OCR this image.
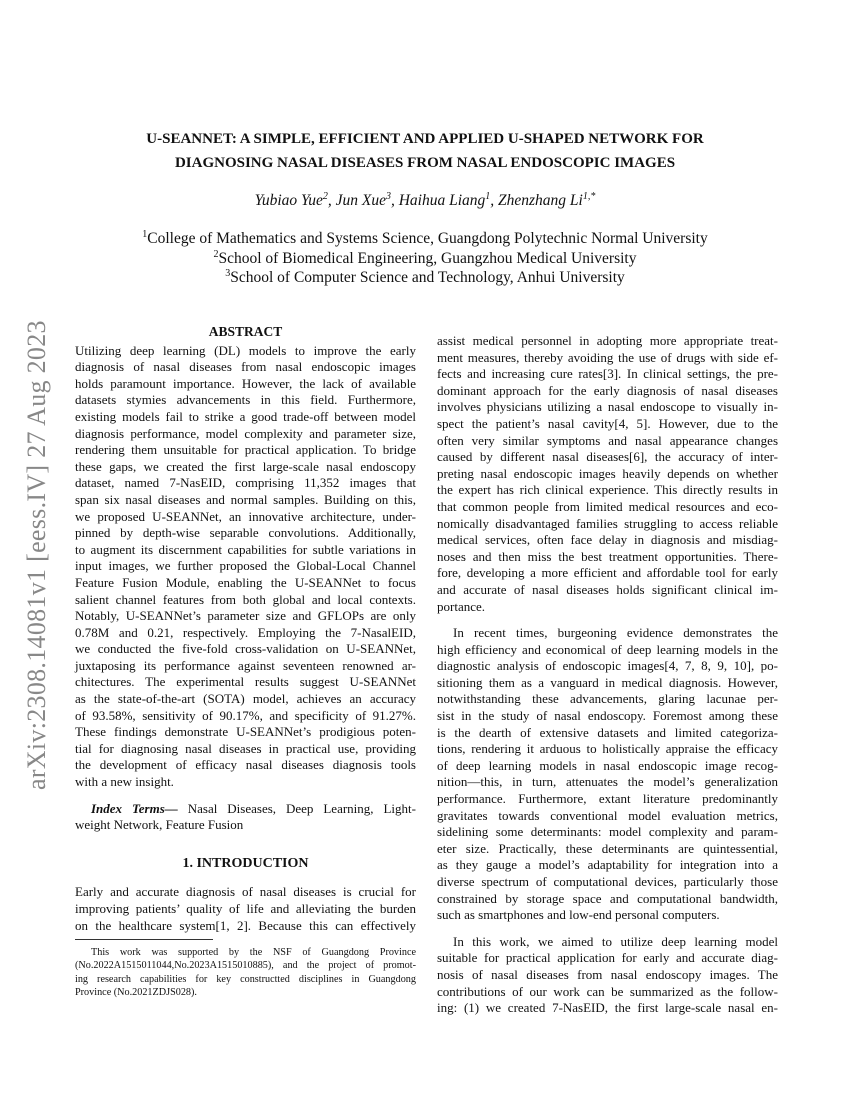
arXiv:2308.14081v1 [eess.IV] 27 Aug 2023
U-SEANNET: A SIMPLE, EFFICIENT AND APPLIED U-SHAPED NETWORK FOR
DIAGNOSING NASAL DISEASES FROM NASAL ENDOSCOPIC IMAGES
Yubiao Yue$^2$, Jun Xue$^3$, Haihua Liang$^1$, Zhenzhang $Li^{1,*}$
$^1$College of Mathematics and Systems Science, Guangdong Polytechnic Normal University
$^2$School of Biomedical Engineering, Guangzhou Medical University
$^3$School of Computer Science and Technology, Anhui University
ABSTRACT
Utilizing deep learning (DL) models to improve the early
diagnosis of nasal diseases from nasal endoscopic images
holds paramount importance. However, the lack of available
datasets stymies advancements in this field. Furthermore,
existing models fail to strike a good trade-off between model
diagnosis performance, model complexity and parameter size,
rendering them unsuitable for practical application. To bridge
these gaps, we created the first large-scale nasal endoscopy
dataset, named 7-NasEID, comprising 11,352 images that
span six nasal diseases and normal samples. Building on this,
we proposed U-SEANNet, an innovative architecture, under-
pinned by depth-wise separable convolutions. Additionally,
to augment its discernment capabilities for subtle variations in
input images, we further proposed the Global-Local Channel
Feature Fusion Module, enabling the U-SEANNet to focus
salient channel features from both global and local contexts.
Notably, U-SEANNet’s parameter size and GFLOPs are only
0.78M and 0.21, respectively. Employing the 7-NasalEID,
we conducted the five-fold cross-validation on U-SEANNet,
juxtaposing its performance against seventeen renowned ar-
chitectures. The experimental results suggest U-SEANNet
as the state-of-the-art (SOTA) model, achieves an accuracy
of 93.58%, sensitivity of 90.17%, and specificity of 91.27%.
These findings demonstrate U-SEANNet’s prodigious poten-
tial for diagnosing nasal diseases in practical use, providing
the development of efficacy nasal diseases diagnosis tools
with a new insight.
Index Terms— Nasal Diseases, Deep Learning, Light-
weight Network, Feature Fusion
1. INTRODUCTION
Early and accurate diagnosis of nasal diseases is crucial for
improving patients’ quality of life and alleviating the burden
on the healthcare system[1, 2]. Because this can effectively
This work was supported by the NSF of Guangdong Province
(No.2022A1515011044,No.2023A1515010885), and the project of promot-
ing research capabilities for key constructted disciplines in Guangdong
Province (No.2021ZDJS028).
assist medical personnel in adopting more appropriate treat-
ment measures, thereby avoiding the use of drugs with side ef-
fects and increasing cure rates[3]. In clinical settings, the pre-
dominant approach for the early diagnosis of nasal diseases
involves physicians utilizing a nasal endoscope to visually in-
spect the patient’s nasal cavity[4, 5]. However, due to the
often very similar symptoms and nasal appearance changes
caused by different nasal diseases[6], the accuracy of inter-
preting nasal endoscopic images heavily depends on whether
the expert has rich clinical experience. This directly results in
that common people from limited medical resources and eco-
nomically disadvantaged families struggling to access reliable
medical services, often face delay in diagnosis and misdiag-
noses and then miss the best treatment opportunities. There-
fore, developing a more efficient and affordable tool for early
and accurate of nasal diseases holds significant clinical im-
portance.
In recent times, burgeoning evidence demonstrates the
high efficiency and economical of deep learning models in the
diagnostic analysis of endoscopic images[4, 7, 8, 9, 10], po-
sitioning them as a vanguard in medical diagnosis. However,
notwithstanding these advancements, glaring lacunae per-
sist in the study of nasal endoscopy. Foremost among these
is the dearth of extensive datasets and limited categoriza-
tions, rendering it arduous to holistically appraise the efficacy
of deep learning models in nasal endoscopic image recog-
nition—this, in turn, attenuates the model’s generalization
performance. Furthermore, extant literature predominantly
gravitates towards conventional model evaluation metrics,
sidelining some determinants: model complexity and param-
eter size. Practically, these determinants are quintessential,
as they gauge a model’s adaptability for integration into a
diverse spectrum of computational devices, particularly those
constrained by storage space and computational bandwidth,
such as smartphones and low-end personal computers.
In this work, we aimed to utilize deep learning model
suitable for practical application for early and accurate diag-
nosis of nasal diseases from nasal endoscopy images. The
contributions of our work can be summarized as the follow-
ing: (1) we created 7-NasEID, the first large-scale nasal en-
